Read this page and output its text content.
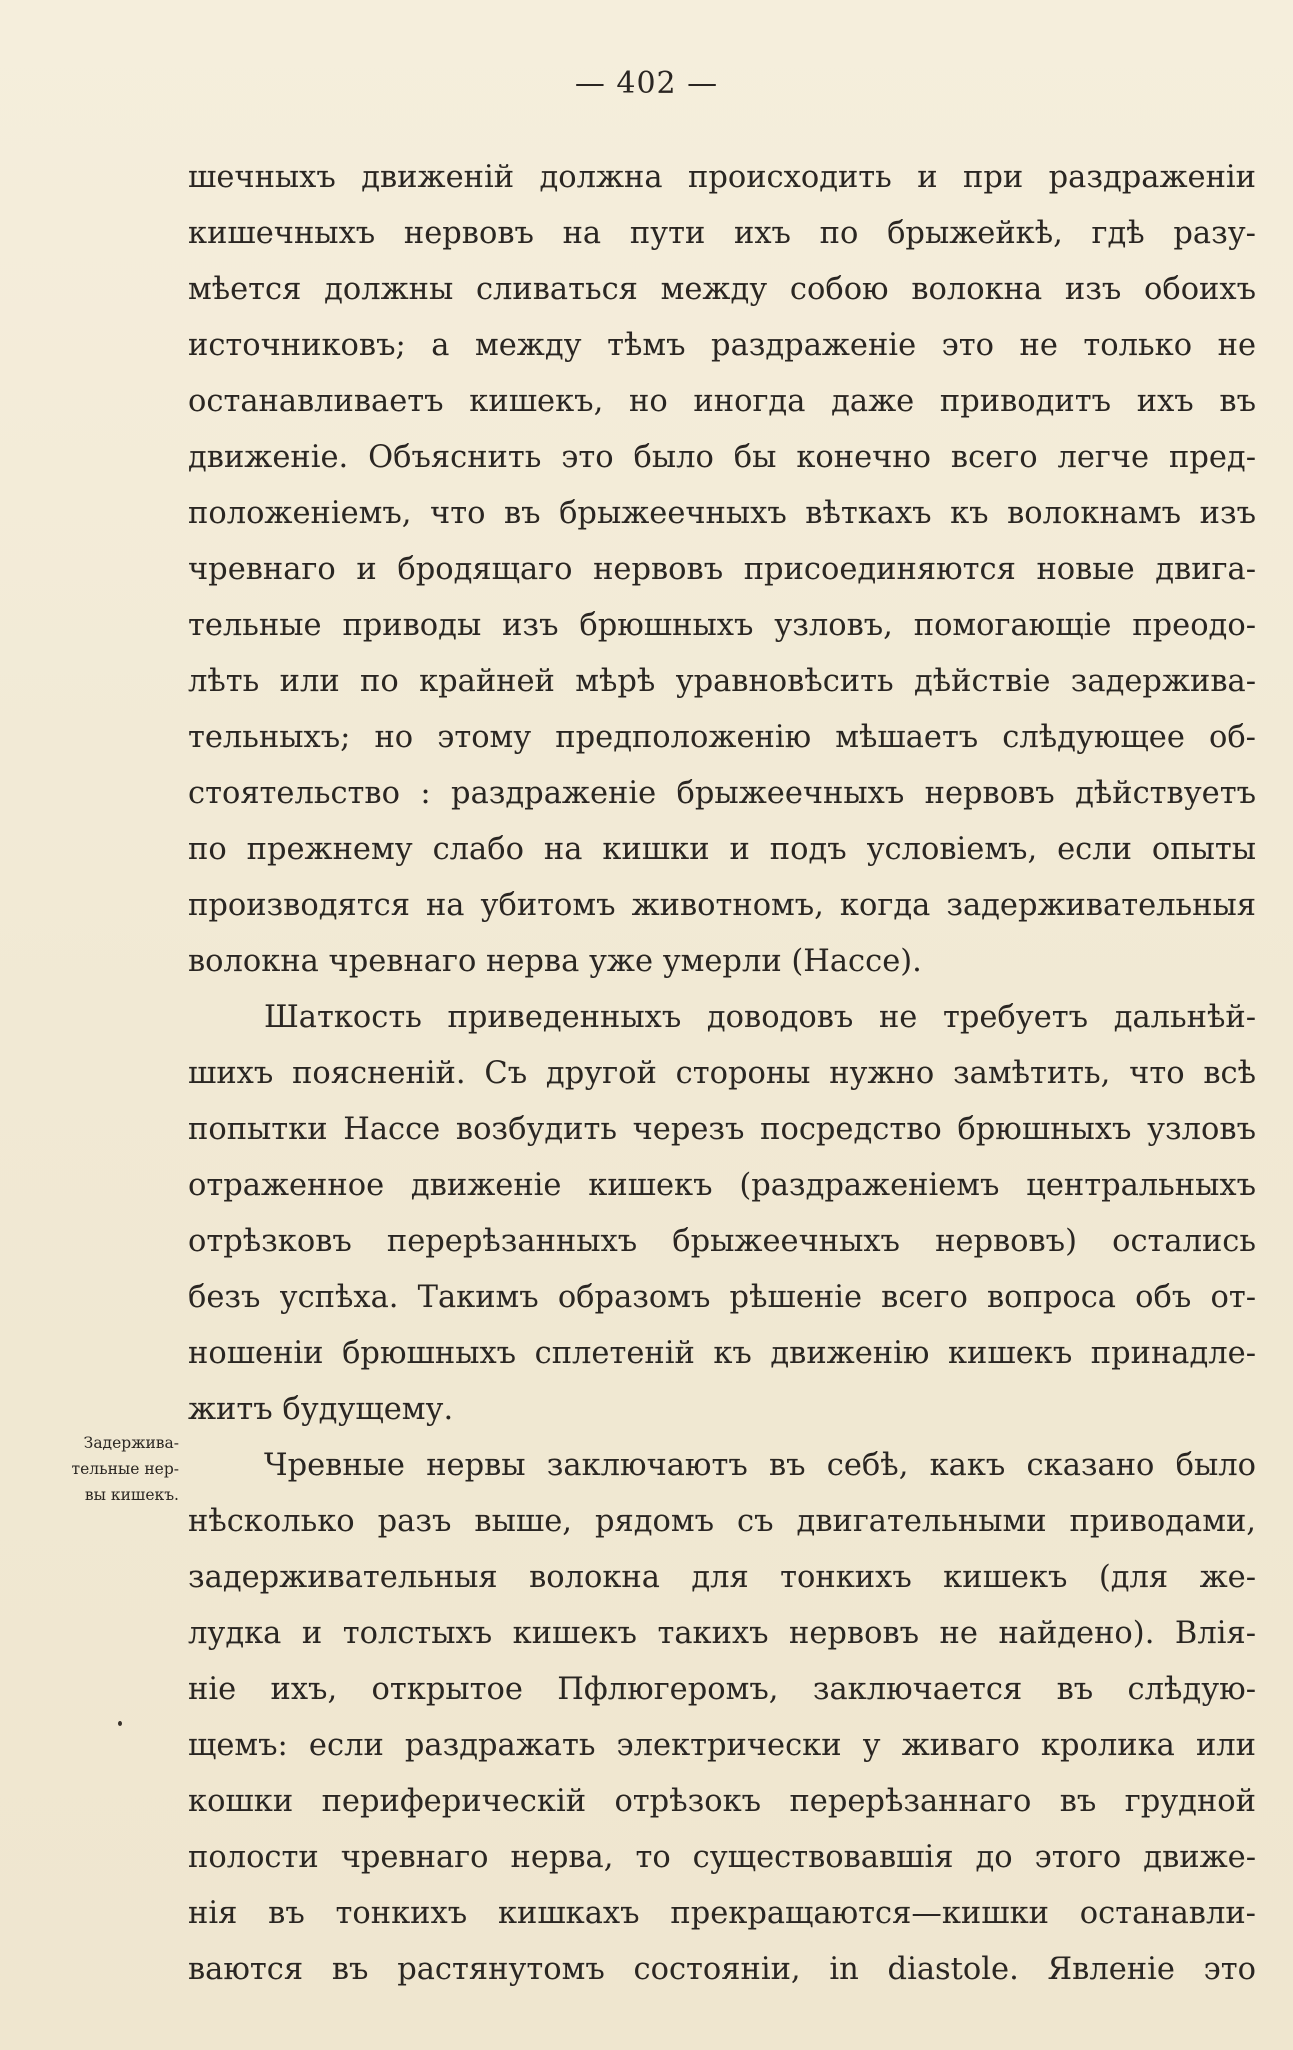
— 402 —
шечныхъ движеній должна происходить и при раздраженіи
кишечныхъ нервовъ на пути ихъ по брыжейкѣ, гдѣ разу-
мѣется должны сливаться между собою волокна изъ обоихъ
источниковъ; а между тѣмъ раздраженіе это не только не
останавливаетъ кишекъ, но иногда даже приводитъ ихъ въ
движеніе. Объяснить это было бы конечно всего легче пред-
положеніемъ, что въ брыжеечныхъ вѣткахъ къ волокнамъ изъ
чревнаго и бродящаго нервовъ присоединяются новые двига-
тельные приводы изъ брюшныхъ узловъ, помогающіе преодо-
лѣть или по крайней мѣрѣ уравновѣсить дѣйствіе задержива-
тельныхъ; но этому предположенію мѣшаетъ слѣдующее об-
стоятельство : раздраженіе брыжеечныхъ нервовъ дѣйствуетъ
по прежнему слабо на кишки и подъ условіемъ, если опыты
производятся на убитомъ животномъ, когда задерживательныя
волокна чревнаго нерва уже умерли (Нассе).
Шаткость приведенныхъ доводовъ не требуетъ дальнѣй-
шихъ поясненій. Съ другой стороны нужно замѣтить, что всѣ
попытки Нассе возбудить черезъ посредство брюшныхъ узловъ
отраженное движеніе кишекъ (раздраженіемъ центральныхъ
отрѣзковъ перерѣзанныхъ брыжеечныхъ нервовъ) остались
безъ успѣха. Такимъ образомъ рѣшеніе всего вопроса объ от-
ношеніи брюшныхъ сплетеній къ движенію кишекъ принадле-
житъ будущему.
Чревные нервы заключаютъ въ себѣ, какъ сказано было
нѣсколько разъ выше, рядомъ съ двигательными приводами,
задерживательныя волокна для тонкихъ кишекъ (для же-
лудка и толстыхъ кишекъ такихъ нервовъ не найдено). Влія-
ніе ихъ, открытое Пфлюгеромъ, заключается въ слѣдую-
щемъ: если раздражать электрически у живаго кролика или
кошки периферическій отрѣзокъ перерѣзаннаго въ грудной
полости чревнаго нерва, то существовавшія до этого движе-
нія въ тонкихъ кишкахъ прекращаются—кишки останавли-
ваются въ растянутомъ состояніи, in diastole. Явленіе это
Задержива-
тельные нер-
вы кишекъ.
